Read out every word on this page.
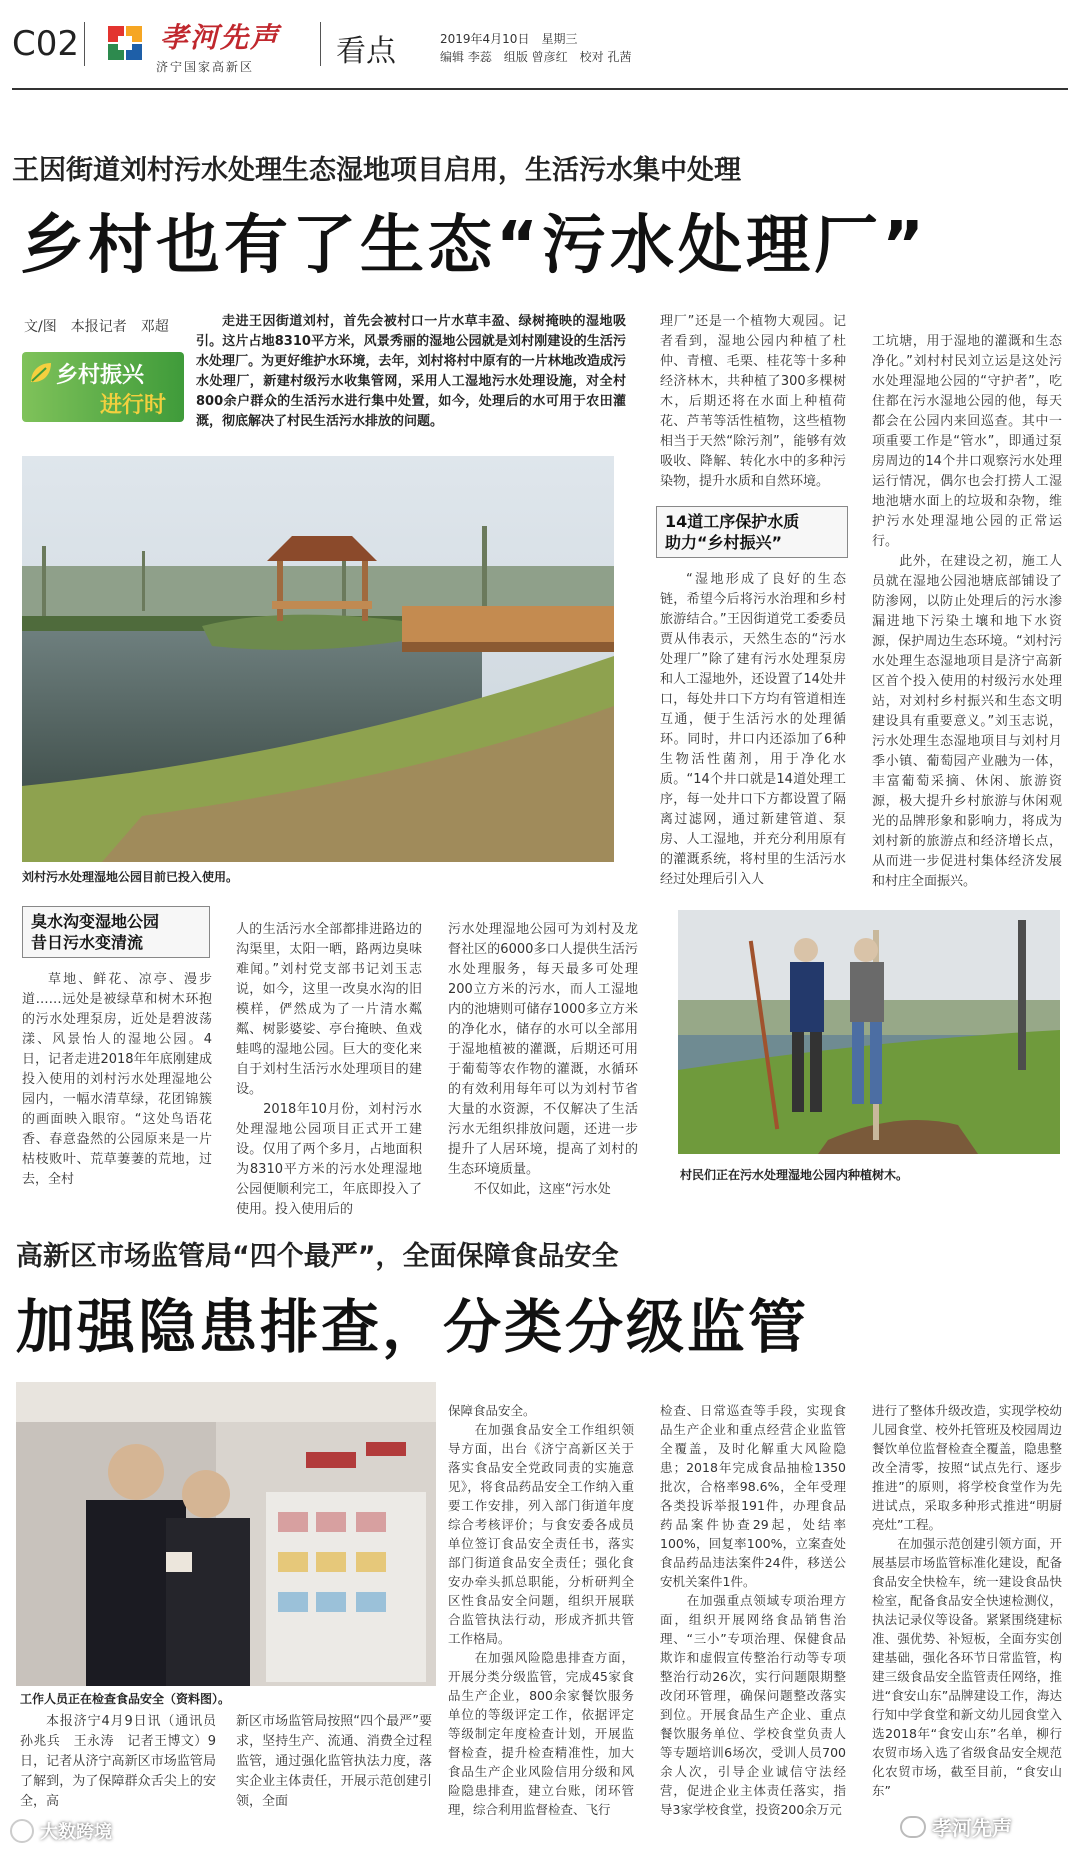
C02	孝河先声
济宁国家高新区	看点	2019年4月10日　星期三
编辑 李蕊　组版 曾彦红　校对 孔茜
王因街道刘村污水处理生态湿地项目启用，生活污水集中处理
乡村也有了生态“污水处理厂”
文/图　本报记者　邓超
乡村振兴
进行时

走进王因街道刘村，首先会被村口一片水草丰盈、绿树掩映的湿地吸引。这片占地8310平方米，风景秀丽的湿地公园就是刘村刚建设的生活污水处理厂。为更好维护水环境，去年，刘村将村中原有的一片林地改造成污水处理厂，新建村级污水收集管网，采用人工湿地污水处理设施，对全村800余户群众的生活污水进行集中处置，如今，处理后的水可用于农田灌溉，彻底解决了村民生活污水排放的问题。

刘村污水处理湿地公园目前已投入使用。

理厂”还是一个植物大观园。记者看到，湿地公园内种植了杜仲、青檀、毛栗、桂花等十多种经济林木，共种植了300多棵树木，后期还将在水面上种植荷花、芦苇等活性植物，这些植物相当于天然“除污剂”，能够有效吸收、降解、转化水中的多种污染物，提升水质和自然环境。

14道工序保护水质
助力“乡村振兴”

“湿地形成了良好的生态链，希望今后将污水治理和乡村旅游结合。”王因街道党工委委员贾从伟表示，天然生态的“污水处理厂”除了建有污水处理泵房和人工湿地外，还设置了14处井口，每处井口下方均有管道相连互通，便于生活污水的处理循环。同时，井口内还添加了6种生物活性菌剂，用于净化水质。“14个井口就是14道处理工序，每一处井口下方都设置了隔离过滤网，通过新建管道、泵房、人工湿地，并充分利用原有的灌溉系统，将村里的生活污水经过处理后引入人

工坑塘，用于湿地的灌溉和生态净化。”刘村村民刘立运是这处污水处理湿地公园的“守护者”，吃住都在污水湿地公园的他，每天都会在公园内来回巡查。其中一项重要工作是“管水”，即通过泵房周边的14个井口观察污水处理运行情况，偶尔也会打捞人工湿地池塘水面上的垃圾和杂物，维护污水处理湿地公园的正常运行。
　　此外，在建设之初，施工人员就在湿地公园池塘底部铺设了防渗网，以防止处理后的污水渗漏进地下污染土壤和地下水资源，保护周边生态环境。“刘村污水处理生态湿地项目是济宁高新区首个投入使用的村级污水处理站，对刘村乡村振兴和生态文明建设具有重要意义。”刘玉志说，污水处理生态湿地项目与刘村月季小镇、葡萄园产业融为一体，丰富葡萄采摘、休闲、旅游资源，极大提升乡村旅游与休闲观光的品牌形象和影响力，将成为刘村新的旅游点和经济增长点，从而进一步促进村集体经济发展和村庄全面振兴。

臭水沟变湿地公园
昔日污水变清流

草地、鲜花、凉亭、漫步道……远处是被绿草和树木环抱的污水处理泵房，近处是碧波荡漾、风景怡人的湿地公园。4日，记者走进2018年年底刚建成投入使用的刘村污水处理湿地公园内，一幅水清草绿，花团锦簇的画面映入眼帘。“这处鸟语花香、春意盎然的公园原来是一片枯枝败叶、荒草萋萋的荒地，过去，全村

人的生活污水全部都排进路边的沟渠里，太阳一晒，路两边臭味难闻。”刘村党支部书记刘玉志说，如今，这里一改臭水沟的旧模样，俨然成为了一片清水粼粼、树影婆娑、亭台掩映、鱼戏蛙鸣的湿地公园。巨大的变化来自于刘村生活污水处理项目的建设。
　　2018年10月份，刘村污水处理湿地公园项目正式开工建设。仅用了两个多月，占地面积为8310平方米的污水处理湿地公园便顺利完工，年底即投入了使用。投入使用后的

污水处理湿地公园可为刘村及龙督社区的6000多口人提供生活污水处理服务，每天最多可处理200立方米的污水，而人工湿地内的池塘则可储存1000多立方米的净化水，储存的水可以全部用于湿地植被的灌溉，后期还可用于葡萄等农作物的灌溉，水循环的有效利用每年可以为刘村节省大量的水资源，不仅解决了生活污水无组织排放问题，还进一步提升了人居环境，提高了刘村的生态环境质量。
　　不仅如此，这座“污水处

村民们正在污水处理湿地公园内种植树木。
高新区市场监管局“四个最严”，全面保障食品安全
加强隐患排查，分类分级监管
工作人员正在检查食品安全（资料图）。

本报济宁4月9日讯（通讯员　孙兆兵　王永涛　记者王博文）9日，记者从济宁高新区市场监管局了解到，为了保障群众舌尖上的安全，高

新区市场监管局按照“四个最严”要求，坚持生产、流通、消费全过程监管，通过强化监管执法力度，落实企业主体责任，开展示范创建引领，全面

保障食品安全。
　　在加强食品安全工作组织领导方面，出台《济宁高新区关于落实食品安全党政同责的实施意见》，将食品药品安全工作纳入重要工作安排，列入部门街道年度综合考核评价；与食安委各成员单位签订食品安全责任书，落实部门街道食品安全责任；强化食安办牵头抓总职能，分析研判全区性食品安全问题，组织开展联合监管执法行动，形成齐抓共管工作格局。
　　在加强风险隐患排查方面，开展分类分级监管，完成45家食品生产企业，800余家餐饮服务单位的等级评定工作，依据评定等级制定年度检查计划，开展监督检查，提升检查精准性，加大食品生产企业风险信用分级和风险隐患排查，建立台账，闭环管理，综合利用监督检查、飞行

检查、日常巡查等手段，实现食品生产企业和重点经营企业监管全覆盖，及时化解重大风险隐患；2018年完成食品抽检1350批次，合格率98.6%，全年受理各类投诉举报191件，办理食品药品案件协查29起，处结率100%，回复率100%，立案查处食品药品违法案件24件，移送公安机关案件1件。
　　在加强重点领域专项治理方面，组织开展网络食品销售治理、“三小”专项治理、保健食品欺诈和虚假宣传整治行动等专项整治行动26次，实行问题限期整改闭环管理，确保问题整改落实到位。开展食品生产企业、重点餐饮服务单位、学校食堂负责人等专题培训6场次，受训人员700余人次，引导企业诚信守法经营，促进企业主体责任落实，指导3家学校食堂，投资200余万元

进行了整体升级改造，实现学校幼儿园食堂、校外托管班及校园周边餐饮单位监督检查全覆盖，隐患整改全清零，按照“试点先行、逐步推进”的原则，将学校食堂作为先进试点，采取多种形式推进“明厨亮灶”工程。
　　在加强示范创建引领方面，开展基层市场监管标准化建设，配备食品安全快检车，统一建设食品快检室，配备食品安全快速检测仪，执法记录仪等设备。紧紧围绕建标准、强优势、补短板，全面夯实创建基础，强化各环节日常监管，构建三级食品安全监管责任网络，推进“食安山东”品牌建设工作，海达行知中学食堂和新文幼儿园食堂入选2018年“食安山东”名单，柳行农贸市场入选了省级食品安全规范化农贸市场，截至目前，“食安山东”

大数跨境	孝河先声
